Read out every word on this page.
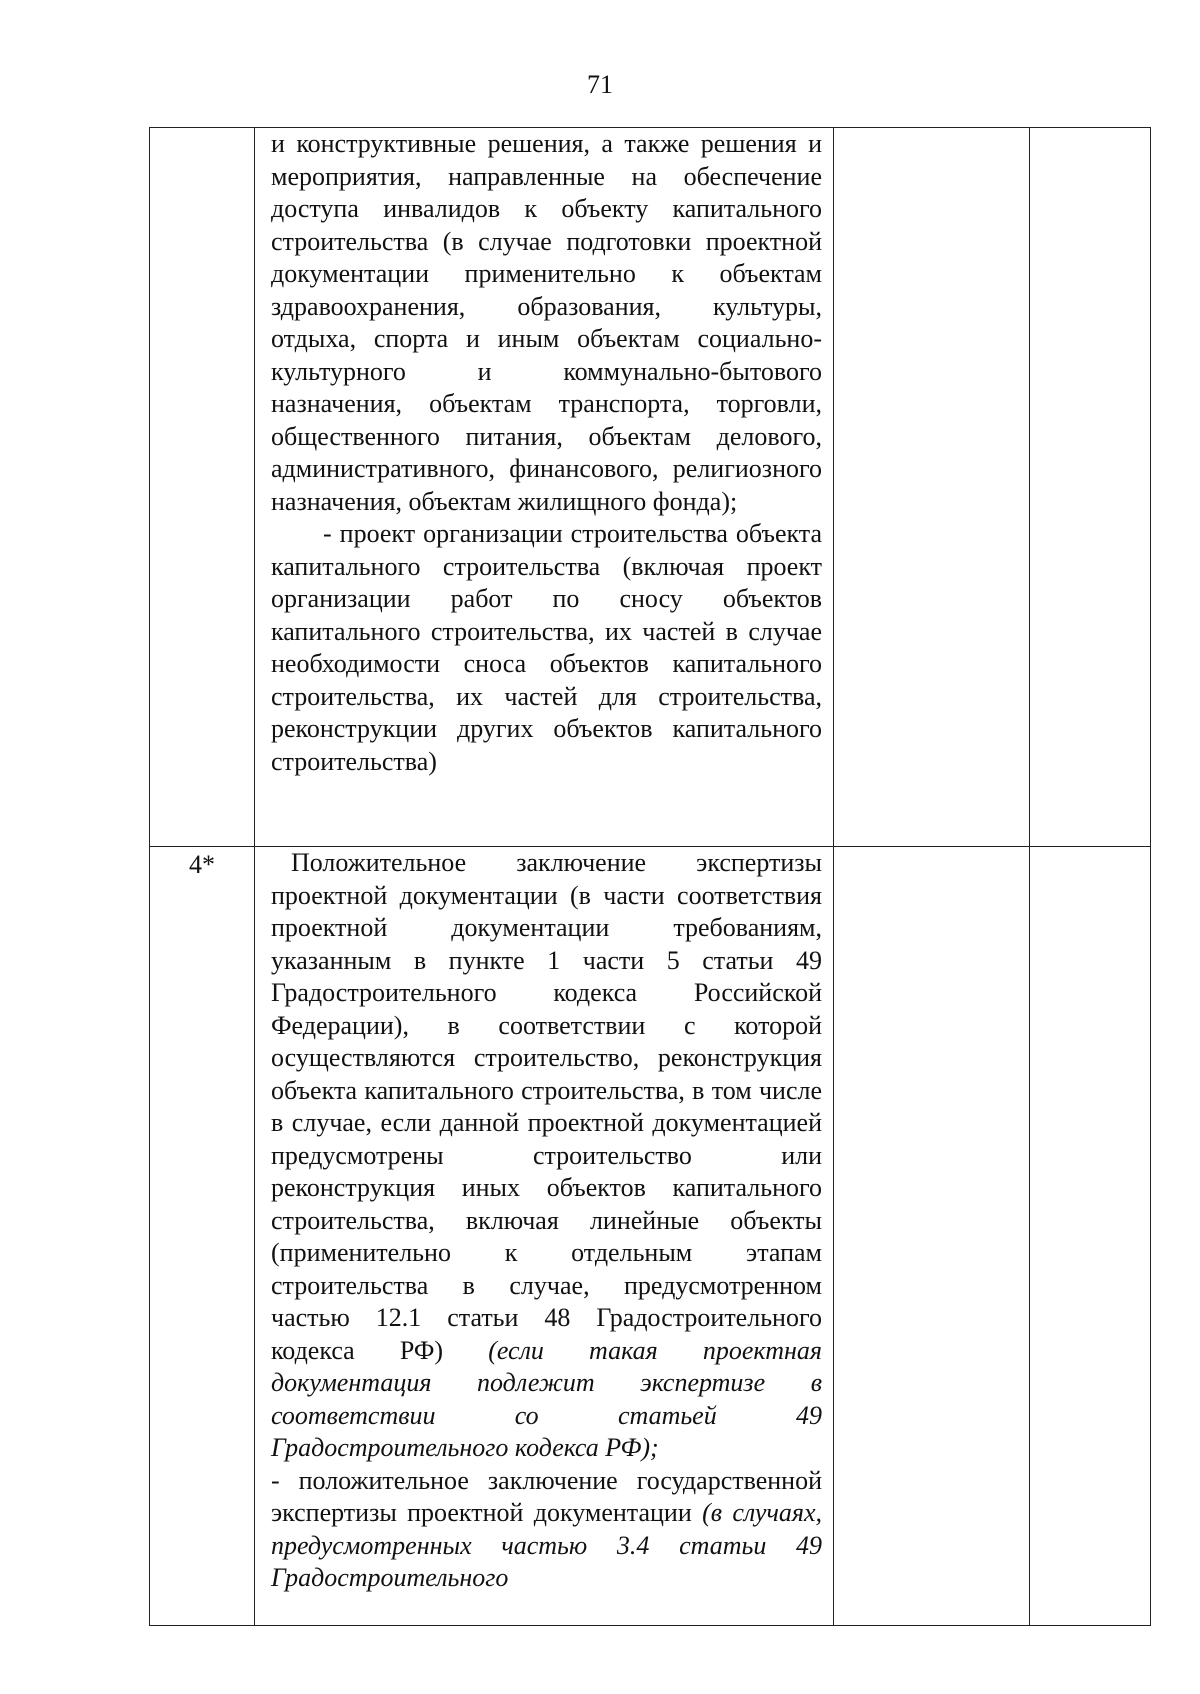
71

	и конструктивные решения, а также решения и мероприятия, направленные на обеспечение доступа инвалидов к объекту капитального строительства (в случае подготовки проектной документации применительно к объектам здравоохранения, образования, культуры, отдыха, спорта и иным объектам социально-культурного и коммунально-бытового назначения, объектам транспорта, торговли, общественного питания, объектам делового, административного, финансового, религиозного назначения, объектам жилищного фонда);

- проект организации строительства объекта капитального строительства (включая проект организации работ по сносу объектов капитального строительства, их частей в случае необходимости сноса объектов капитального строительства, их частей для строительства, реконструкции других объектов капитального строительства)		

4*	Положительное заключение экспертизы проектной документации (в части соответствия проектной документации требованиям, указанным в пункте 1 части 5 статьи 49 Градостроительного кодекса Российской Федерации), в соответствии с которой осуществляются строительство, реконструкция объекта капитального строительства, в том числе в случае, если данной проектной документацией предусмотрены строительство или реконструкция иных объектов капитального строительства, включая линейные объекты (применительно к отдельным этапам строительства в случае, предусмотренном частью 12.1 статьи 48 Градостроительного кодекса РФ) (если такая проектная документация подлежит экспертизе в соответствии со статьей 49 Градостроительного кодекса РФ);

- положительное заключение государственной экспертизы проектной документации (в случаях, предусмотренных частью 3.4 статьи 49 Градостроительного		
